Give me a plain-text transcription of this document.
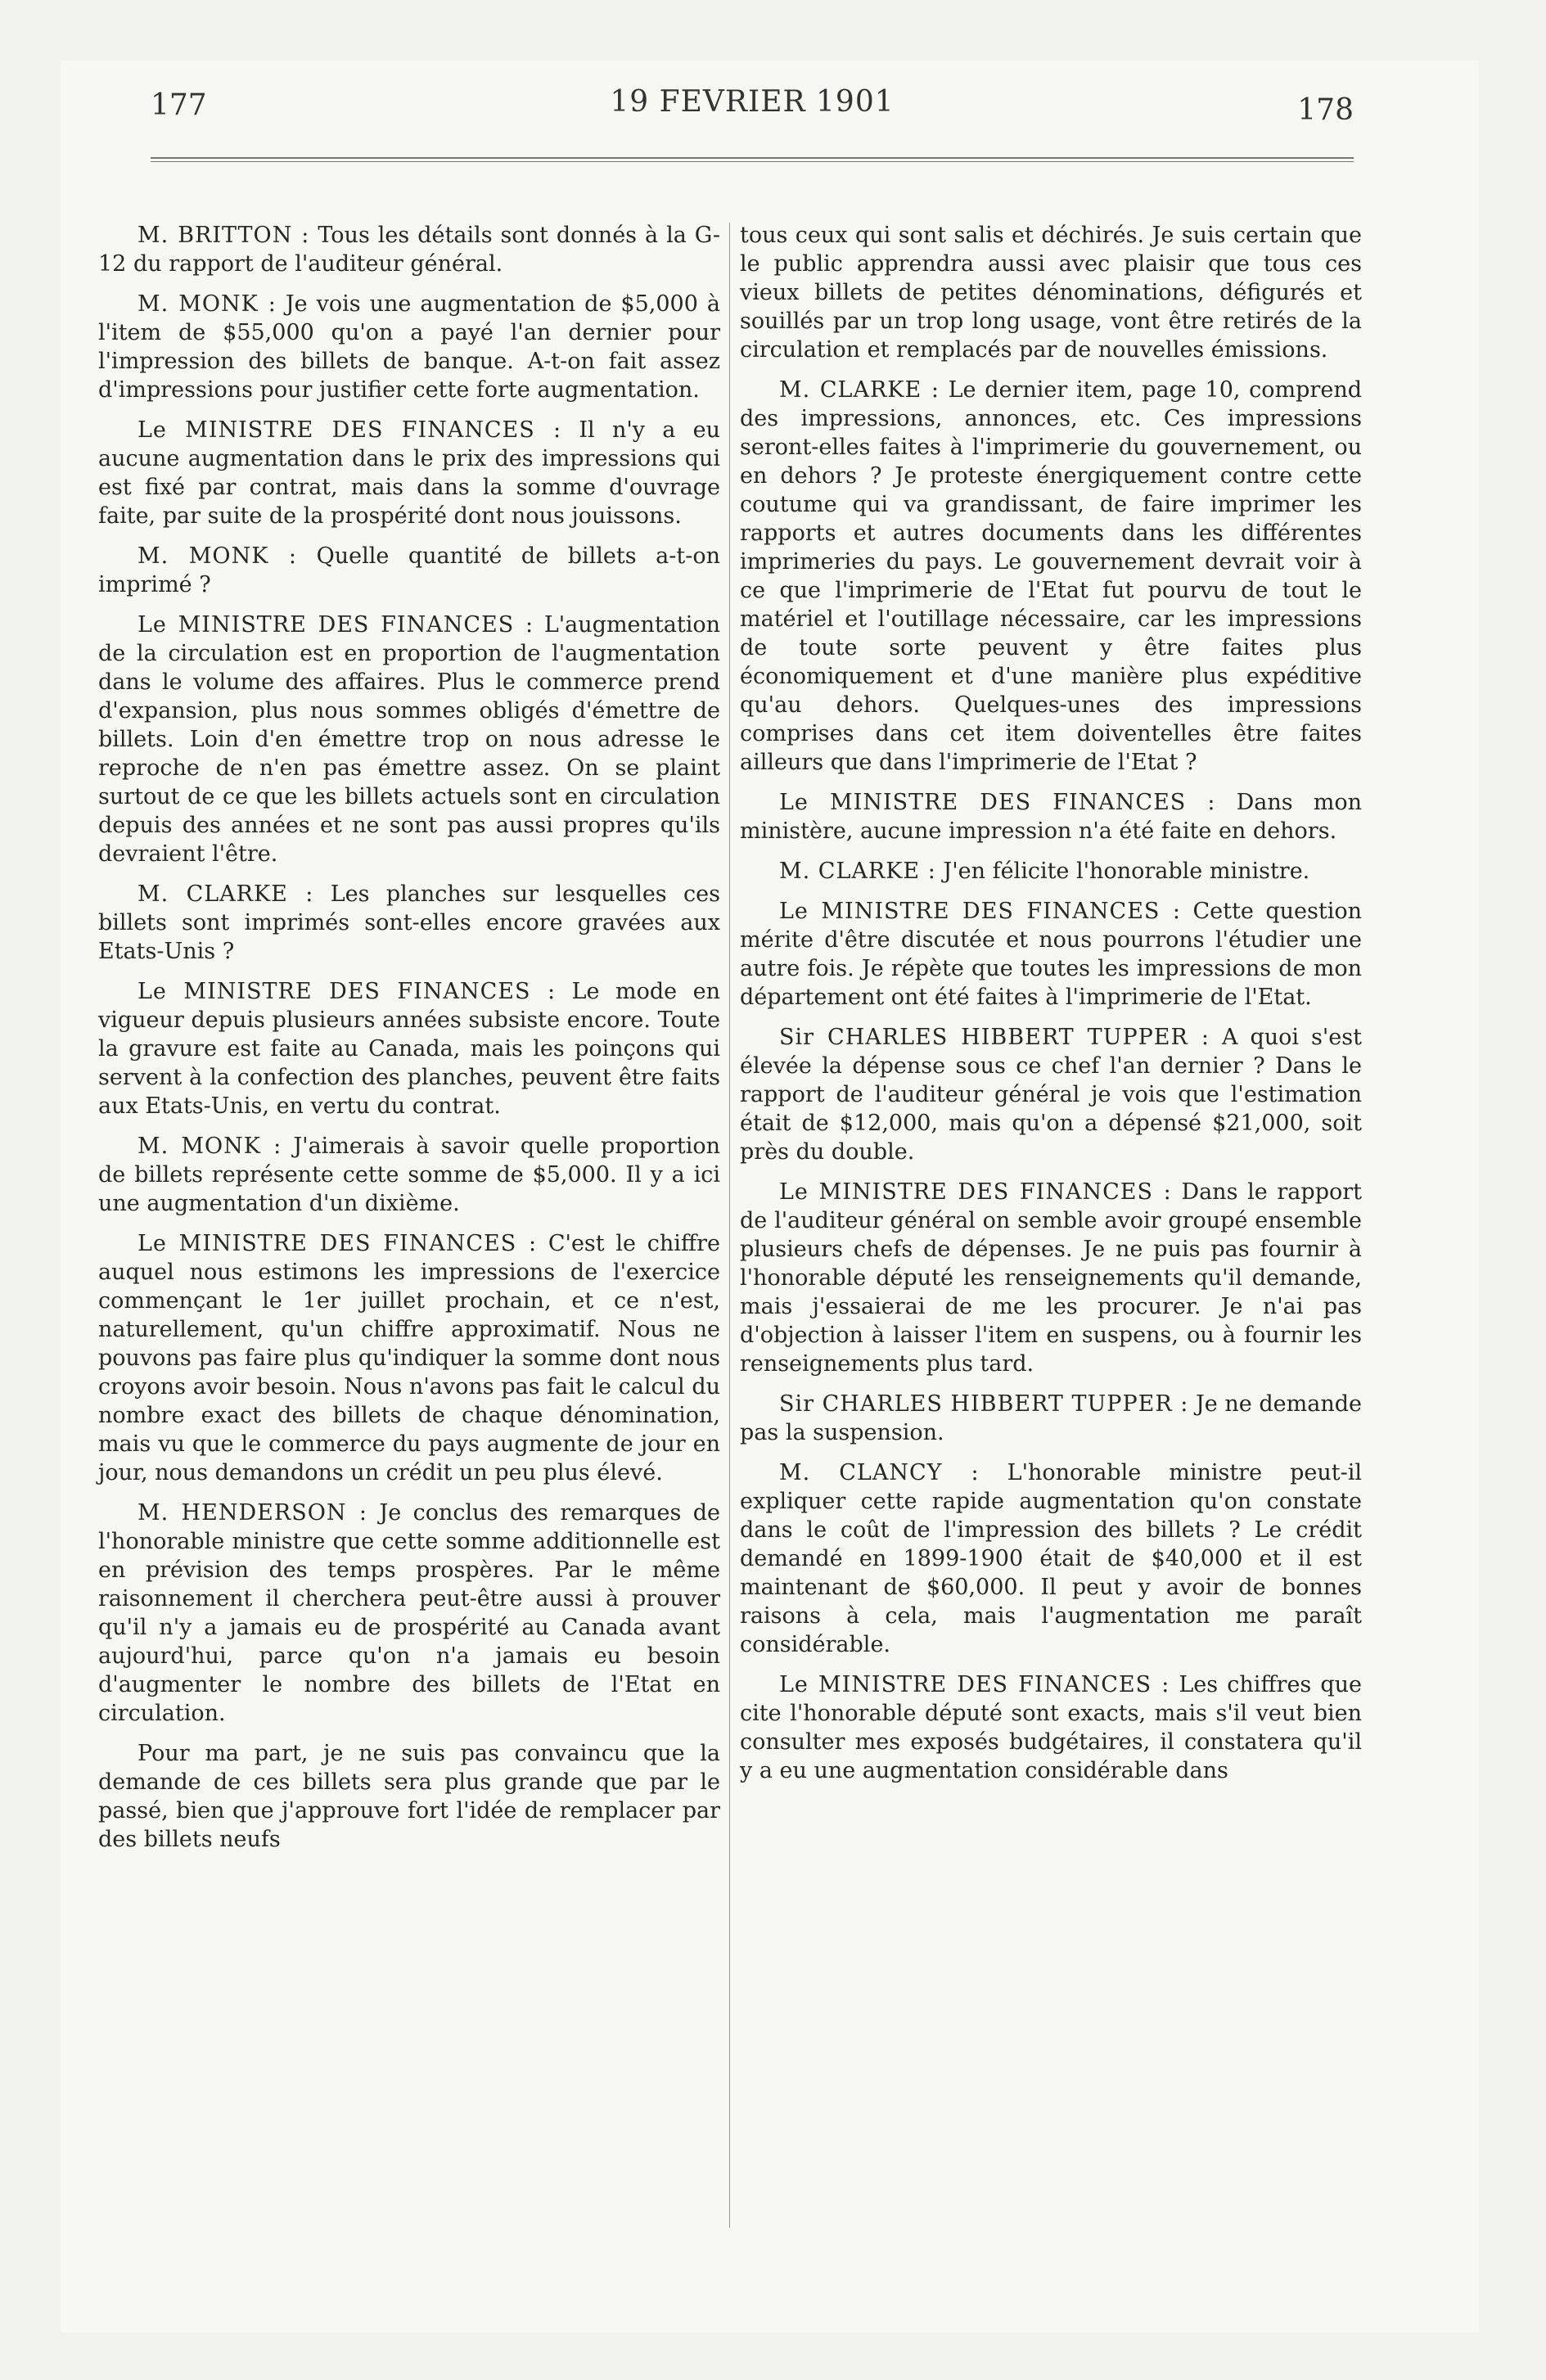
177	19 FEVRIER 1901	178

M. BRITTON : Tous les détails sont donnés à la G-12 du rapport de l'auditeur général.

M. MONK : Je vois une augmentation de $5,000 à l'item de $55,000 qu'on a payé l'an dernier pour l'impression des billets de banque. A-t-on fait assez d'impressions pour justifier cette forte augmentation.

Le MINISTRE DES FINANCES : Il n'y a eu aucune augmentation dans le prix des impressions qui est fixé par contrat, mais dans la somme d'ouvrage faite, par suite de la prospérité dont nous jouissons.

M. MONK : Quelle quantité de billets a-t-on imprimé ?

Le MINISTRE DES FINANCES : L'augmentation de la circulation est en proportion de l'augmentation dans le volume des affaires. Plus le commerce prend d'expansion, plus nous sommes obligés d'émettre de billets. Loin d'en émettre trop on nous adresse le reproche de n'en pas émettre assez. On se plaint surtout de ce que les billets actuels sont en circulation depuis des années et ne sont pas aussi propres qu'ils devraient l'être.

M. CLARKE : Les planches sur lesquelles ces billets sont imprimés sont-elles encore gravées aux Etats-Unis ?

Le MINISTRE DES FINANCES : Le mode en vigueur depuis plusieurs années subsiste encore. Toute la gravure est faite au Canada, mais les poinçons qui servent à la confection des planches, peuvent être faits aux Etats-Unis, en vertu du contrat.

M. MONK : J'aimerais à savoir quelle proportion de billets représente cette somme de $5,000. Il y a ici une augmentation d'un dixième.

Le MINISTRE DES FINANCES : C'est le chiffre auquel nous estimons les impressions de l'exercice commençant le 1er juillet prochain, et ce n'est, naturellement, qu'un chiffre approximatif. Nous ne pouvons pas faire plus qu'indiquer la somme dont nous croyons avoir besoin. Nous n'avons pas fait le calcul du nombre exact des billets de chaque dénomination, mais vu que le commerce du pays augmente de jour en jour, nous demandons un crédit un peu plus élevé.

M. HENDERSON : Je conclus des remarques de l'honorable ministre que cette somme additionnelle est en prévision des temps prospères. Par le même raisonnement il cherchera peut-être aussi à prouver qu'il n'y a jamais eu de prospérité au Canada avant aujourd'hui, parce qu'on n'a jamais eu besoin d'augmenter le nombre des billets de l'Etat en circulation.

Pour ma part, je ne suis pas convaincu que la demande de ces billets sera plus grande que par le passé, bien que j'approuve fort l'idée de remplacer par des billets neufs

tous ceux qui sont salis et déchirés. Je suis certain que le public apprendra aussi avec plaisir que tous ces vieux billets de petites dénominations, défigurés et souillés par un trop long usage, vont être retirés de la circulation et remplacés par de nouvelles émissions.

M. CLARKE : Le dernier item, page 10, comprend des impressions, annonces, etc. Ces impressions seront-elles faites à l'imprimerie du gouvernement, ou en dehors ? Je proteste énergiquement contre cette coutume qui va grandissant, de faire imprimer les rapports et autres documents dans les différentes imprimeries du pays. Le gouvernement devrait voir à ce que l'imprimerie de l'Etat fut pourvu de tout le matériel et l'outillage nécessaire, car les impressions de toute sorte peuvent y être faites plus économiquement et d'une manière plus expéditive qu'au dehors. Quelques-unes des impressions comprises dans cet item doiventelles être faites ailleurs que dans l'imprimerie de l'Etat ?

Le MINISTRE DES FINANCES : Dans mon ministère, aucune impression n'a été faite en dehors.

M. CLARKE : J'en félicite l'honorable ministre.

Le MINISTRE DES FINANCES : Cette question mérite d'être discutée et nous pourrons l'étudier une autre fois. Je répète que toutes les impressions de mon département ont été faites à l'imprimerie de l'Etat.

Sir CHARLES HIBBERT TUPPER : A quoi s'est élevée la dépense sous ce chef l'an dernier ? Dans le rapport de l'auditeur général je vois que l'estimation était de $12,000, mais qu'on a dépensé $21,000, soit près du double.

Le MINISTRE DES FINANCES : Dans le rapport de l'auditeur général on semble avoir groupé ensemble plusieurs chefs de dépenses. Je ne puis pas fournir à l'honorable député les renseignements qu'il demande, mais j'essaierai de me les procurer. Je n'ai pas d'objection à laisser l'item en suspens, ou à fournir les renseignements plus tard.

Sir CHARLES HIBBERT TUPPER : Je ne demande pas la suspension.

M. CLANCY : L'honorable ministre peut-il expliquer cette rapide augmentation qu'on constate dans le coût de l'impression des billets ? Le crédit demandé en 1899-1900 était de $40,000 et il est maintenant de $60,000. Il peut y avoir de bonnes raisons à cela, mais l'augmentation me paraît considérable.

Le MINISTRE DES FINANCES : Les chiffres que cite l'honorable député sont exacts, mais s'il veut bien consulter mes exposés budgétaires, il constatera qu'il y a eu une augmentation considérable dans
